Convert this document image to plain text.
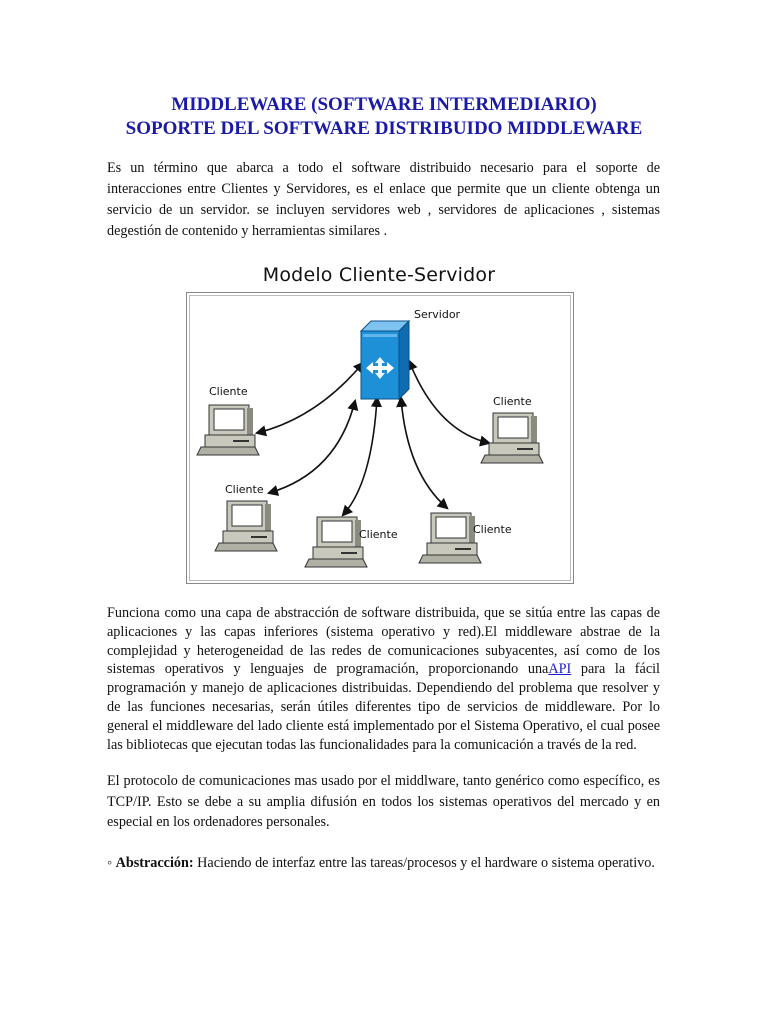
MIDDLEWARE (SOFTWARE INTERMEDIARIO)
SOPORTE DEL SOFTWARE DISTRIBUIDO MIDDLEWARE
Es un término que abarca a todo el software distribuido necesario para el soporte de interacciones entre Clientes y Servidores, es el enlace que permite que un cliente obtenga un servicio de un servidor. se incluyen servidores web , servidores de aplicaciones , sistemas degestión de contenido y herramientas similares .
Modelo Cliente-Servidor
Servidor
Cliente
Cliente
Cliente	Cliente
Cliente
Funciona como una capa de abstracción de software distribuida, que se sitúa entre las capas de aplicaciones y las capas inferiores (sistema operativo y red).El middleware abstrae de la complejidad y heterogeneidad de las redes de comunicaciones subyacentes, así como de los sistemas operativos y lenguajes de programación, proporcionando unaAPI para la fácil programación y manejo de aplicaciones distribuidas. Dependiendo del problema que resolver y de las funciones necesarias, serán útiles diferentes tipo de servicios de middleware. Por lo general el middleware del lado cliente está implementado por el Sistema Operativo, el cual posee las bibliotecas que ejecutan todas las funcionalidades para la comunicación a través de la red.
El protocolo de comunicaciones mas usado por el middlware, tanto genérico como específico, es TCP/IP. Esto se debe a su amplia difusión en todos los sistemas operativos del mercado y en especial en los ordenadores personales.
◦ Abstracción: Haciendo de interfaz entre las tareas/procesos y el hardware o sistema operativo.
